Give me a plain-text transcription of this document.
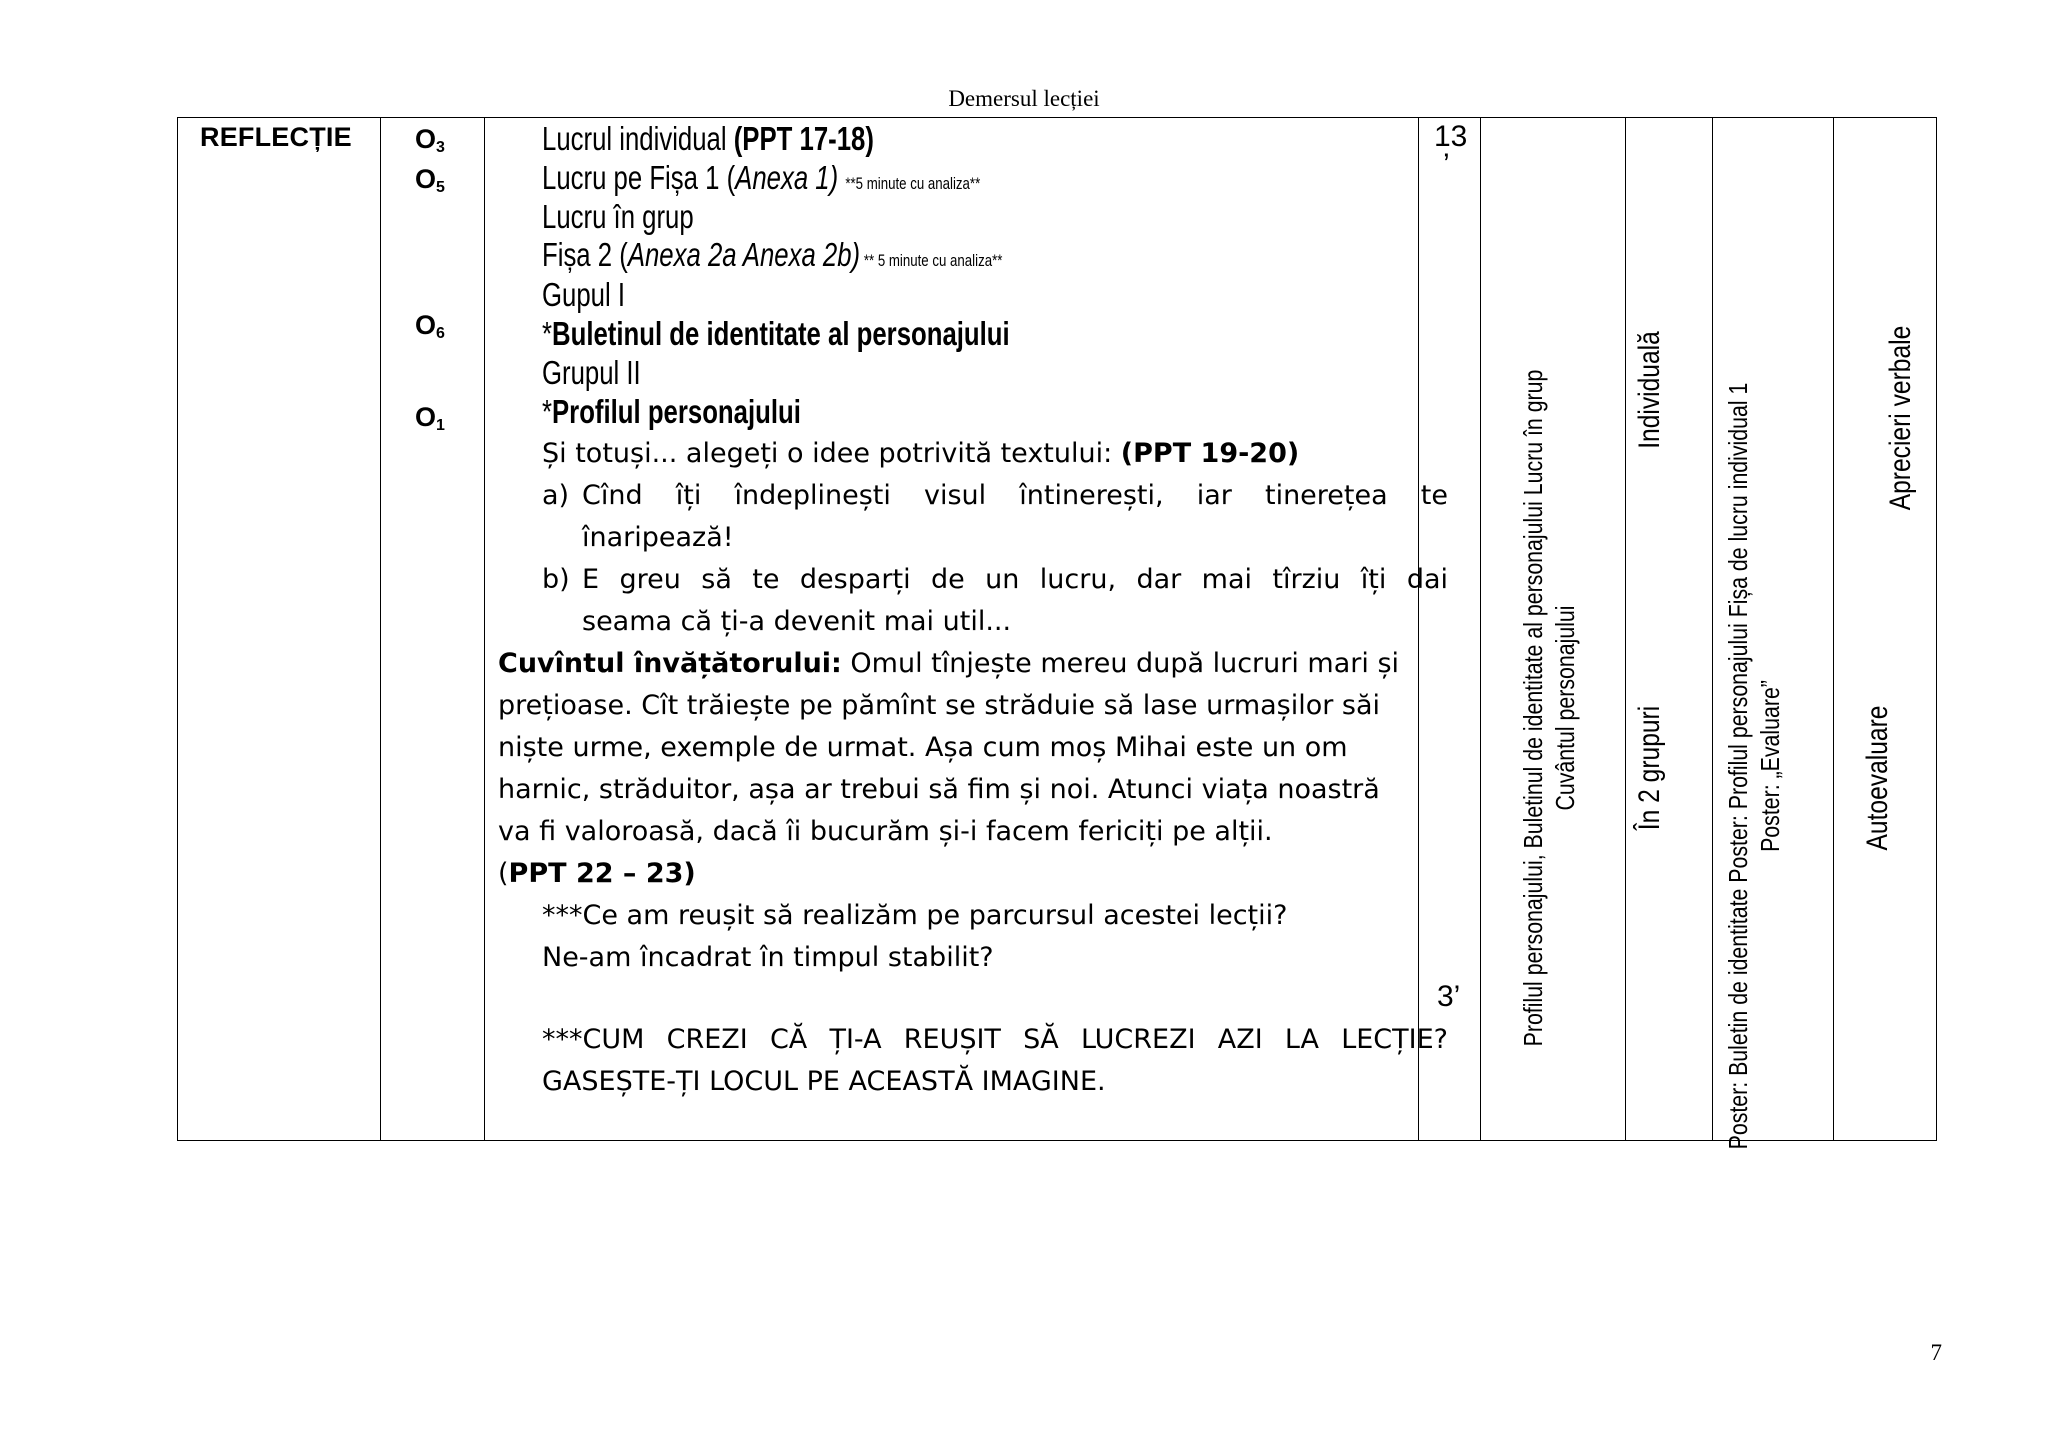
Demersul lecției
REFLECȚIE $O_3$
$O_5$
$O_6$
$O_1$
Lucrul individual (PPT 17-18)
Lucru pe Fișa 1 (Anexa 1) **5 minute cu analiza**
Lucru în grup
Fișa 2 (Anexa 2a Anexa 2b) ** 5 minute cu analiza**
Gupul I
*Buletinul de identitate al personajului
Grupul II
*Profilul personajului
Și totuși... alegeți o idee potrivită textului: (PPT 19-20)
a) Cînd îți îndeplinești visul întinerești, iar tinerețea te
înaripează!
b) E greu să te desparți de un lucru, dar mai tîrziu îți dai
seama că ți-a devenit mai util...
Cuvîntul învățătorului: Omul tînjește mereu după lucruri mari și
prețioase. Cît trăiește pe pămînt se străduie să lase urmașilor săi
niște urme, exemple de urmat. Așa cum moș Mihai este un om
harnic, străduitor, așa ar trebui să fim și noi. Atunci viața noastră
va fi valoroasă, dacă îi bucurăm și-i facem fericiți pe alții.
(PPT 22 – 23)
***Ce am reușit să realizăm pe parcursul acestei lecții?
Ne-am încadrat în timpul stabilit?
***CUM CREZI CĂ ȚI-A REUȘIT SĂ LUCREZI AZI LA LECȚIE?
GASEȘTE-ȚI LOCUL PE ACEASTĂ IMAGINE.
13
’
3’ Profilul personajului, Buletinul de identitate al personajului Lucru în grup Cuvântul personajului
Individuală
În 2 grupuri Poster: Buletin de identitate Poster: Profilul personajului Fișa de lucru individual 1 Poster: „Evaluare”
Aprecieri verbale
Autoevaluare
7
